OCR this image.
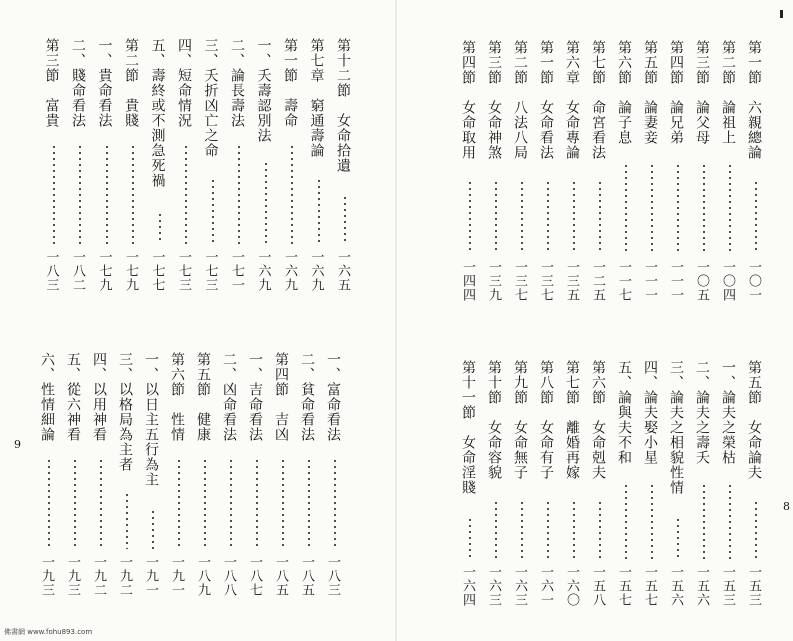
第十二節　女命拾遺
一六五
第七章　窮通壽論
一六九
第一節　壽命
一六九
一、夭壽認別法
一六九
二、論長壽法
一七一
三、夭折凶亡之命
一七三
四、短命情況
一七三
五、壽終或不測急死禍
一七七
第二節　貴賤
一七九
一、貴命看法
一七九
二、賤命看法
一八二
第三節　富貴
一八三
一、富命看法
一八三
二、貧命看法
一八五
第四節　吉凶
一八五
一、吉命看法
一八七
二、凶命看法
一八八
第五節　健康
一八九
第六節　性情
一九一
一、以日主五行為主
一九一
三、以格局為主者
一九二
四、以用神看
一九二
五、從六神看
一九三
六、性情細論
一九三
9
佛書網 www.fohu893.com
第一節　六親總論
一〇一
第二節　論祖上
一〇四
第三節　論父母
一〇五
第四節　論兄弟
一一一
第五節　論妻妾
一一一
第六節　論子息
一一七
第七節　命宮看法
一二五
第六章　女命專論
一三五
第一節　女命看法
一三七
第二節　八法八局
一三七
第三節　女命神煞
一三九
第四節　女命取用
一四四
第五節　女命論夫
一五三
一、論夫之榮枯
一五三
二、論夫之壽夭
一五六
三、論夫之相貌性情
一五六
四、論夫娶小星
一五七
五、論與夫不和
一五七
第六節　女命剋夫
一五八
第七節　離婚再嫁
一六〇
第八節　女命有子
一六一
第九節　女命無子
一六三
第十節　女命容貌
一六三
第十一節　女命淫賤
一六四
8
